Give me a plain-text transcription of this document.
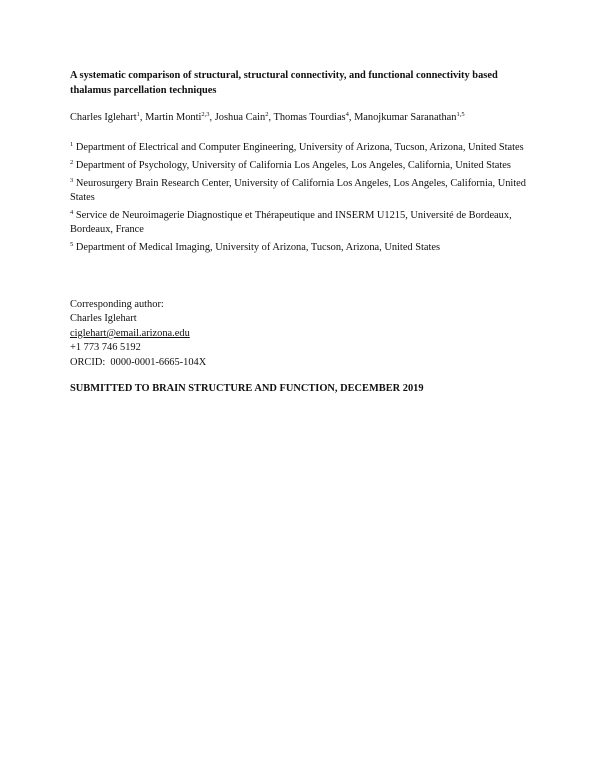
A systematic comparison of structural, structural connectivity, and functional connectivity based thalamus parcellation techniques
Charles Iglehart$^1$, Martin Monti$^{2,3}$, Joshua Cain$^2$, Thomas Tourdias$^4$, Manojkumar Saranathan$^{1,5}$

$^1$ Department of Electrical and Computer Engineering, University of Arizona, Tucson, Arizona, United States

$^2$ Department of Psychology, University of California Los Angeles, Los Angeles, California, United States

$^3$ Neurosurgery Brain Research Center, University of California Los Angeles, Los Angeles, California, United States

$^4$ Service de Neuroimagerie Diagnostique et Thérapeutique and INSERM U1215, Université de Bordeaux, Bordeaux, France

$^5$ Department of Medical Imaging, University of Arizona, Tucson, Arizona, United States

Corresponding author:
Charles Iglehart
ciglehart@email.arizona.edu
+1 773 746 5192
ORCID: 0000-0001-6665-104X

SUBMITTED TO BRAIN STRUCTURE AND FUNCTION, DECEMBER 2019
